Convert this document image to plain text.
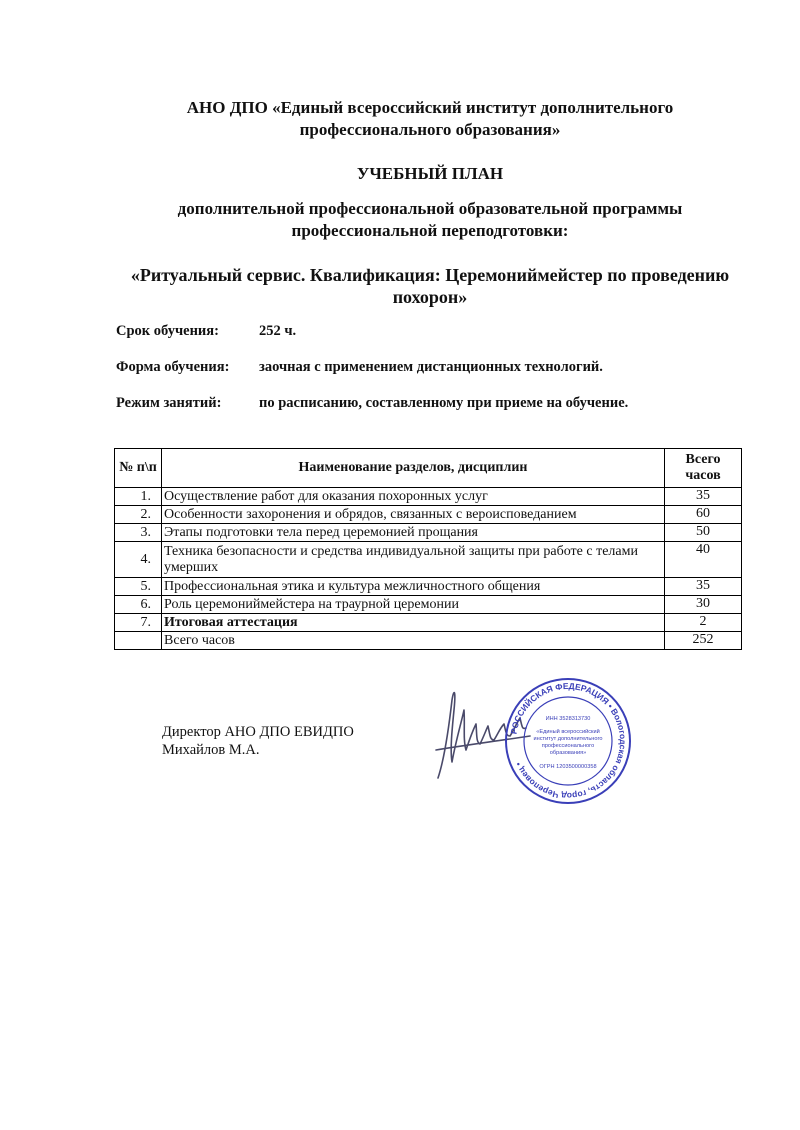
АНО ДПО «Единый всероссийский институт дополнительного
профессионального образования»
УЧЕБНЫЙ ПЛАН
дополнительной профессиональной образовательной программы
профессиональной переподготовки:
«Ритуальный сервис. Квалификация: Церемониймейстер по проведению
похорон»
Срок обучения:	252 ч.
Форма обучения: заочная с применением дистанционных технологий.
Режим занятий:	по расписанию, составленному при приеме на обучение.
№ п\п	Наименование разделов, дисциплин	Всего
часов

1.	Осуществление работ для оказания похоронных услуг	35
2.	Особенности захоронения и обрядов, связанных с вероисповеданием	60
3.	Этапы подготовки тела перед церемонией прощания	50
4.	Техника безопасности и средства индивидуальной защиты при работе с телами умерших	40
5.	Профессиональная этика и культура межличностного общения	35
6.	Роль церемониймейстера на траурной церемонии	30
7.	Итоговая аттестация	2
	Всего часов	252
Директор АНО ДПО ЕВИДПО
Михайлов М.А.
РОССИЙСКАЯ ФЕДЕРАЦИЯ • Вологодская область, город Череповец •
ИНН 3528313730
«Единый всероссийский
институт дополнительного
профессионального
образования»
ОГРН 1203500000358
